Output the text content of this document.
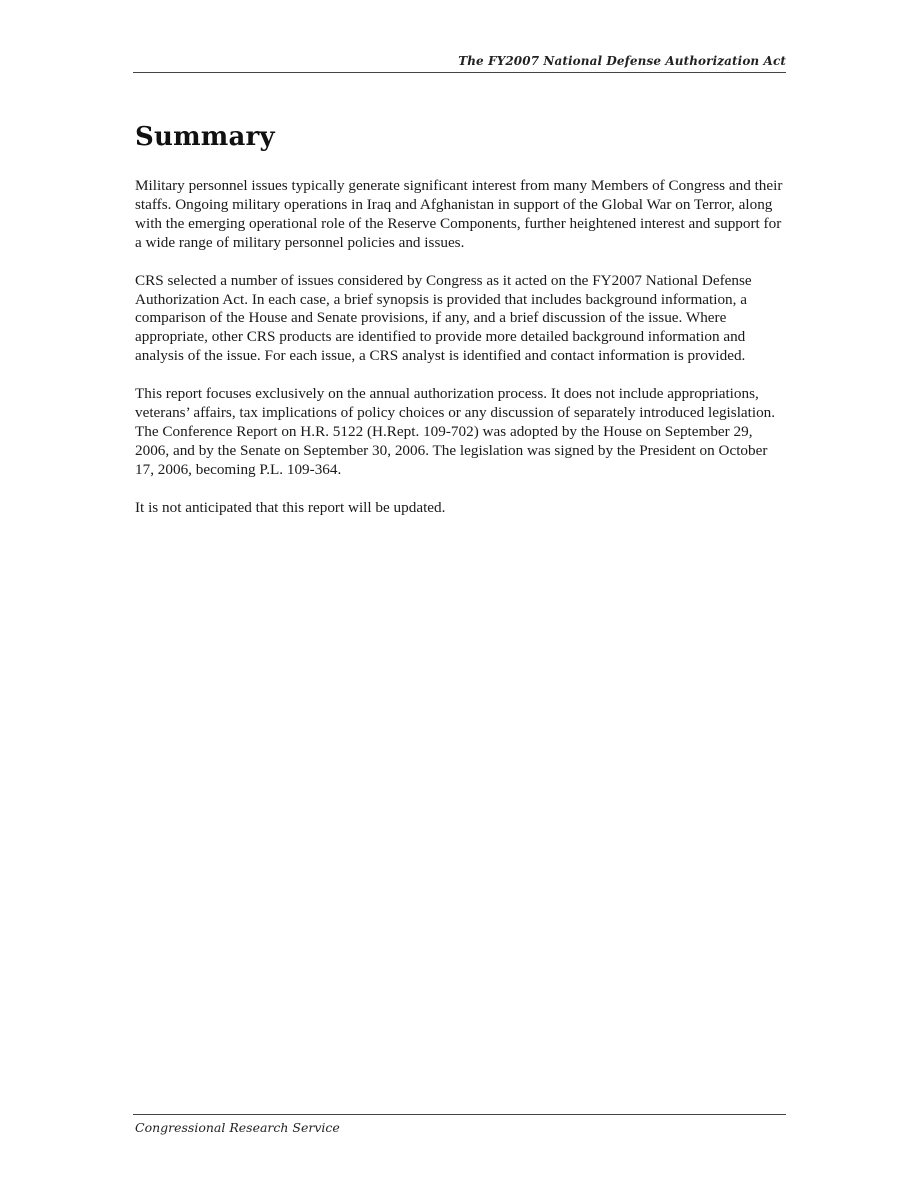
The FY2007 National Defense Authorization Act
Summary

Military personnel issues typically generate significant interest from many Members of Congress and their staffs. Ongoing military operations in Iraq and Afghanistan in support of the Global War on Terror, along with the emerging operational role of the Reserve Components, further heightened interest and support for a wide range of military personnel policies and issues.

CRS selected a number of issues considered by Congress as it acted on the FY2007 National Defense Authorization Act. In each case, a brief synopsis is provided that includes background information, a comparison of the House and Senate provisions, if any, and a brief discussion of the issue. Where appropriate, other CRS products are identified to provide more detailed background information and analysis of the issue. For each issue, a CRS analyst is identified and contact information is provided.

This report focuses exclusively on the annual authorization process. It does not include appropriations, veterans’ affairs, tax implications of policy choices or any discussion of separately introduced legislation. The Conference Report on H.R. 5122 (H.Rept. 109-702) was adopted by the House on September 29, 2006, and by the Senate on September 30, 2006. The legislation was signed by the President on October 17, 2006, becoming P.L. 109-364.

It is not anticipated that this report will be updated.

Congressional Research Service
